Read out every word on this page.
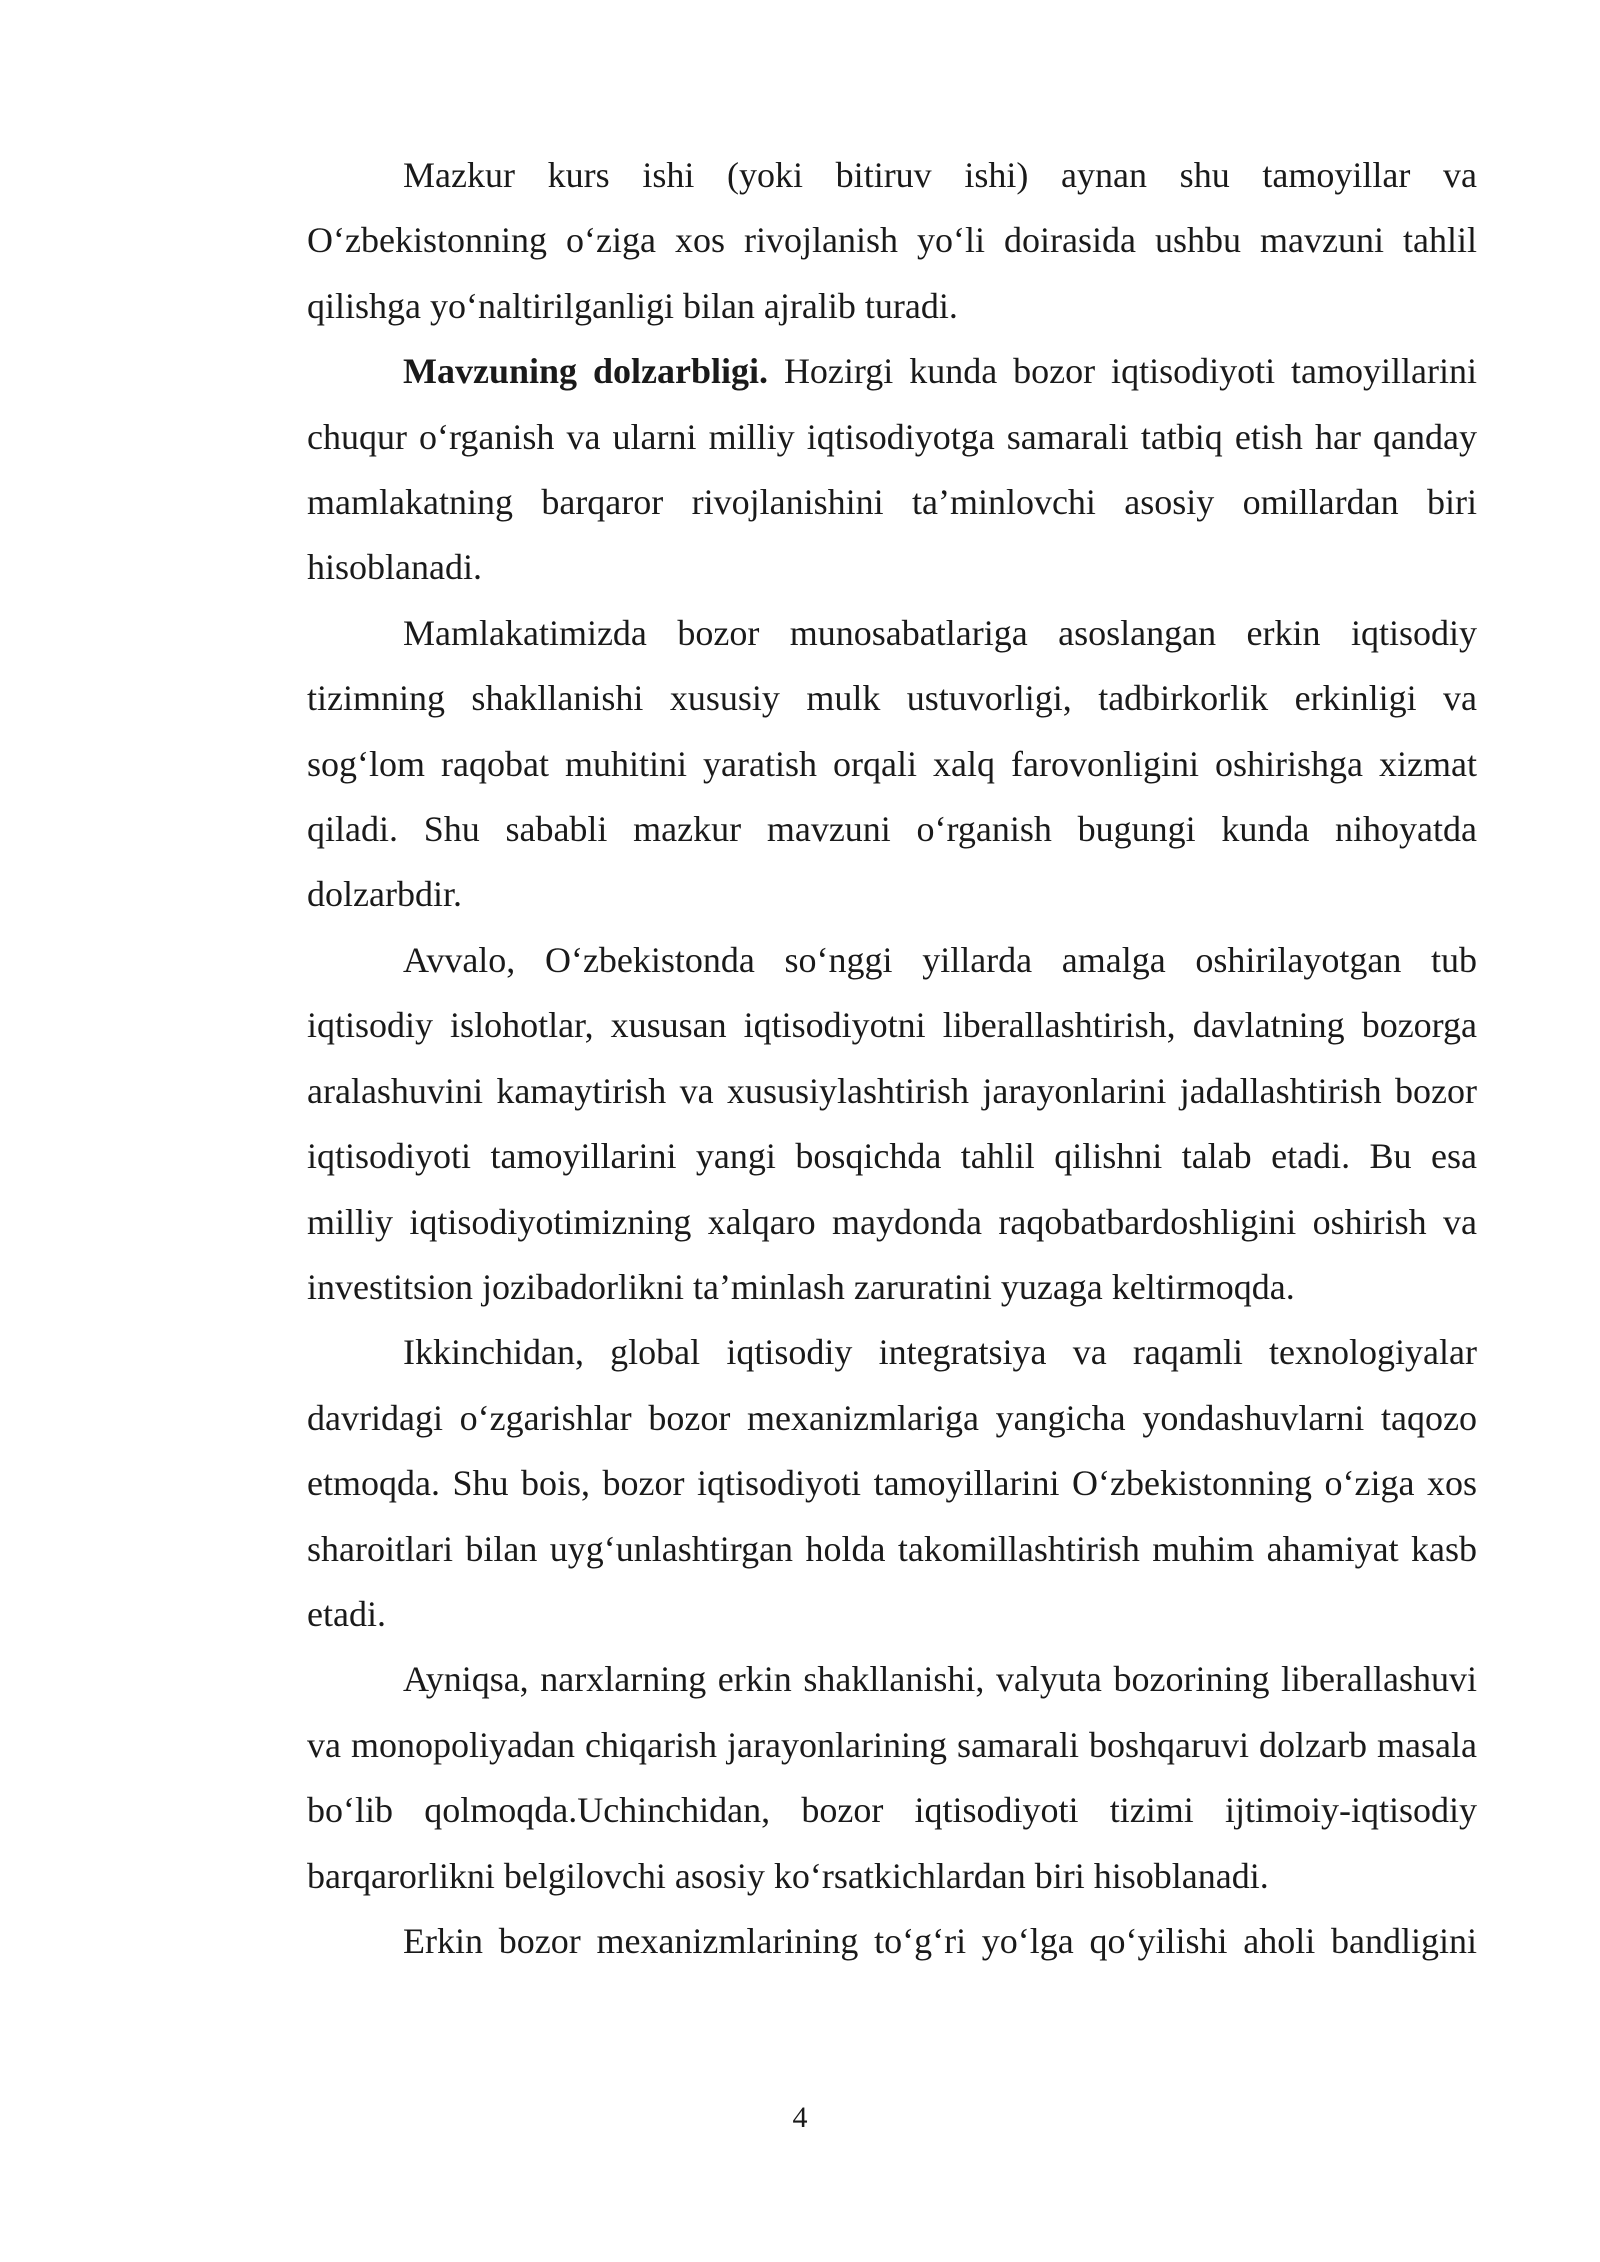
Mazkur kurs ishi (yoki bitiruv ishi) aynan shu tamoyillar va O‘zbekistonning o‘ziga xos rivojlanish yo‘li doirasida ushbu mavzuni tahlil qilishga yo‘naltirilganligi bilan ajralib turadi.

Mavzuning dolzarbligi. Hozirgi kunda bozor iqtisodiyoti tamoyillarini chuqur o‘rganish va ularni milliy iqtisodiyotga samarali tatbiq etish har qanday mamlakatning barqaror rivojlanishini ta’minlovchi asosiy omillardan biri hisoblanadi.

Mamlakatimizda bozor munosabatlariga asoslangan erkin iqtisodiy tizimning shakllanishi xususiy mulk ustuvorligi, tadbirkorlik erkinligi va sog‘lom raqobat muhitini yaratish orqali xalq farovonligini oshirishga xizmat qiladi. Shu sababli mazkur mavzuni o‘rganish bugungi kunda nihoyatda dolzarbdir.

Avvalo, O‘zbekistonda so‘nggi yillarda amalga oshirilayotgan tub iqtisodiy islohotlar, xususan iqtisodiyotni liberallashtirish, davlatning bozorga aralashuvini kamaytirish va xususiylashtirish jarayonlarini jadallashtirish bozor iqtisodiyoti tamoyillarini yangi bosqichda tahlil qilishni talab etadi. Bu esa milliy iqtisodiyotimizning xalqaro maydonda raqobatbardoshligini oshirish va investitsion jozibadorlikni ta’minlash zaruratini yuzaga keltirmoqda.

Ikkinchidan, global iqtisodiy integratsiya va raqamli texnologiyalar davridagi o‘zgarishlar bozor mexanizmlariga yangicha yondashuvlarni taqozo etmoqda. Shu bois, bozor iqtisodiyoti tamoyillarini O‘zbekistonning o‘ziga xos sharoitlari bilan uyg‘unlashtirgan holda takomillashtirish muhim ahamiyat kasb etadi.

Ayniqsa, narxlarning erkin shakllanishi, valyuta bozorining liberallashuvi va monopoliyadan chiqarish jarayonlarining samarali boshqaruvi dolzarb masala bo‘lib qolmoqda.Uchinchidan, bozor iqtisodiyoti tizimi ijtimoiy-iqtisodiy barqarorlikni belgilovchi asosiy ko‘rsatkichlardan biri hisoblanadi.

Erkin bozor mexanizmlarining to‘g‘ri yo‘lga qo‘yilishi aholi bandligini

4
